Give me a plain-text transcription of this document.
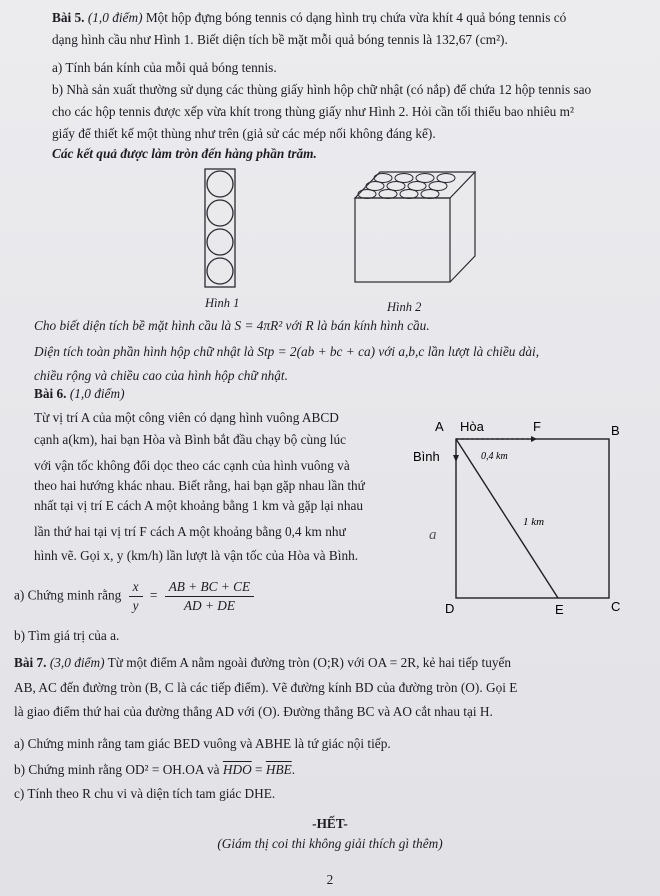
Bài 5. (1,0 điểm) Một hộp đựng bóng tennis có dạng hình trụ chứa vừa khít 4 quả bóng tennis có
dạng hình cầu như Hình 1. Biết diện tích bề mặt mỗi quả bóng tennis là 132,67 (cm²).
a) Tính bán kính của mỗi quả bóng tennis.
b) Nhà sản xuất thường sử dụng các thùng giấy hình hộp chữ nhật (có nắp) để chứa 12 hộp tennis sao
cho các hộp tennis được xếp vừa khít trong thùng giấy như Hình 2. Hỏi cần tối thiểu bao nhiêu m²
giấy để thiết kế một thùng như trên (giả sử các mép nối không đáng kể).
Các kết quả được làm tròn đến hàng phần trăm.
Hình 1	Hình 2
Cho biết diện tích bề mặt hình cầu là S = 4πR² với R là bán kính hình cầu.
Diện tích toàn phần hình hộp chữ nhật là Stp = 2(ab + bc + ca) với a,b,c lần lượt là chiều dài,
chiều rộng và chiều cao của hình hộp chữ nhật.
Bài 6. (1,0 điểm)
Từ vị trí A của một công viên có dạng hình vuông ABCD
cạnh a(km), hai bạn Hòa và Bình bắt đầu chạy bộ cùng lúc
với vận tốc không đổi dọc theo các cạnh của hình vuông và
theo hai hướng khác nhau. Biết rằng, hai bạn gặp nhau lần thứ
nhất tại vị trí E cách A một khoảng bằng 1 km và gặp lại nhau
lần thứ hai tại vị trí F cách A một khoảng bằng 0,4 km như
hình vẽ. Gọi x, y (km/h) lần lượt là vận tốc của Hòa và Bình.
a) Chứng minh rằng $\frac{x}{y} = \frac{AB + BC + CE}{AD + DE}$
b) Tìm giá trị của a.
A Hòa	F	B
Bình	0,4 km
1 km
a
D	E	C
Bài 7. (3,0 điểm) Từ một điểm A nằm ngoài đường tròn (O;R) với OA = 2R, kẻ hai tiếp tuyến
AB, AC đến đường tròn (B, C là các tiếp điểm). Vẽ đường kính BD của đường tròn (O). Gọi E
là giao điểm thứ hai của đường thẳng AD với (O). Đường thẳng BC và AO cắt nhau tại H.
a) Chứng minh rằng tam giác BED vuông và ABHE là tứ giác nội tiếp.
b) Chứng minh rằng OD² = OH.OA và $\overline{HDO} = \overline{HBE}$.
c) Tính theo R chu vi và diện tích tam giác DHE.
-HẾT-
(Giám thị coi thi không giải thích gì thêm)
2
